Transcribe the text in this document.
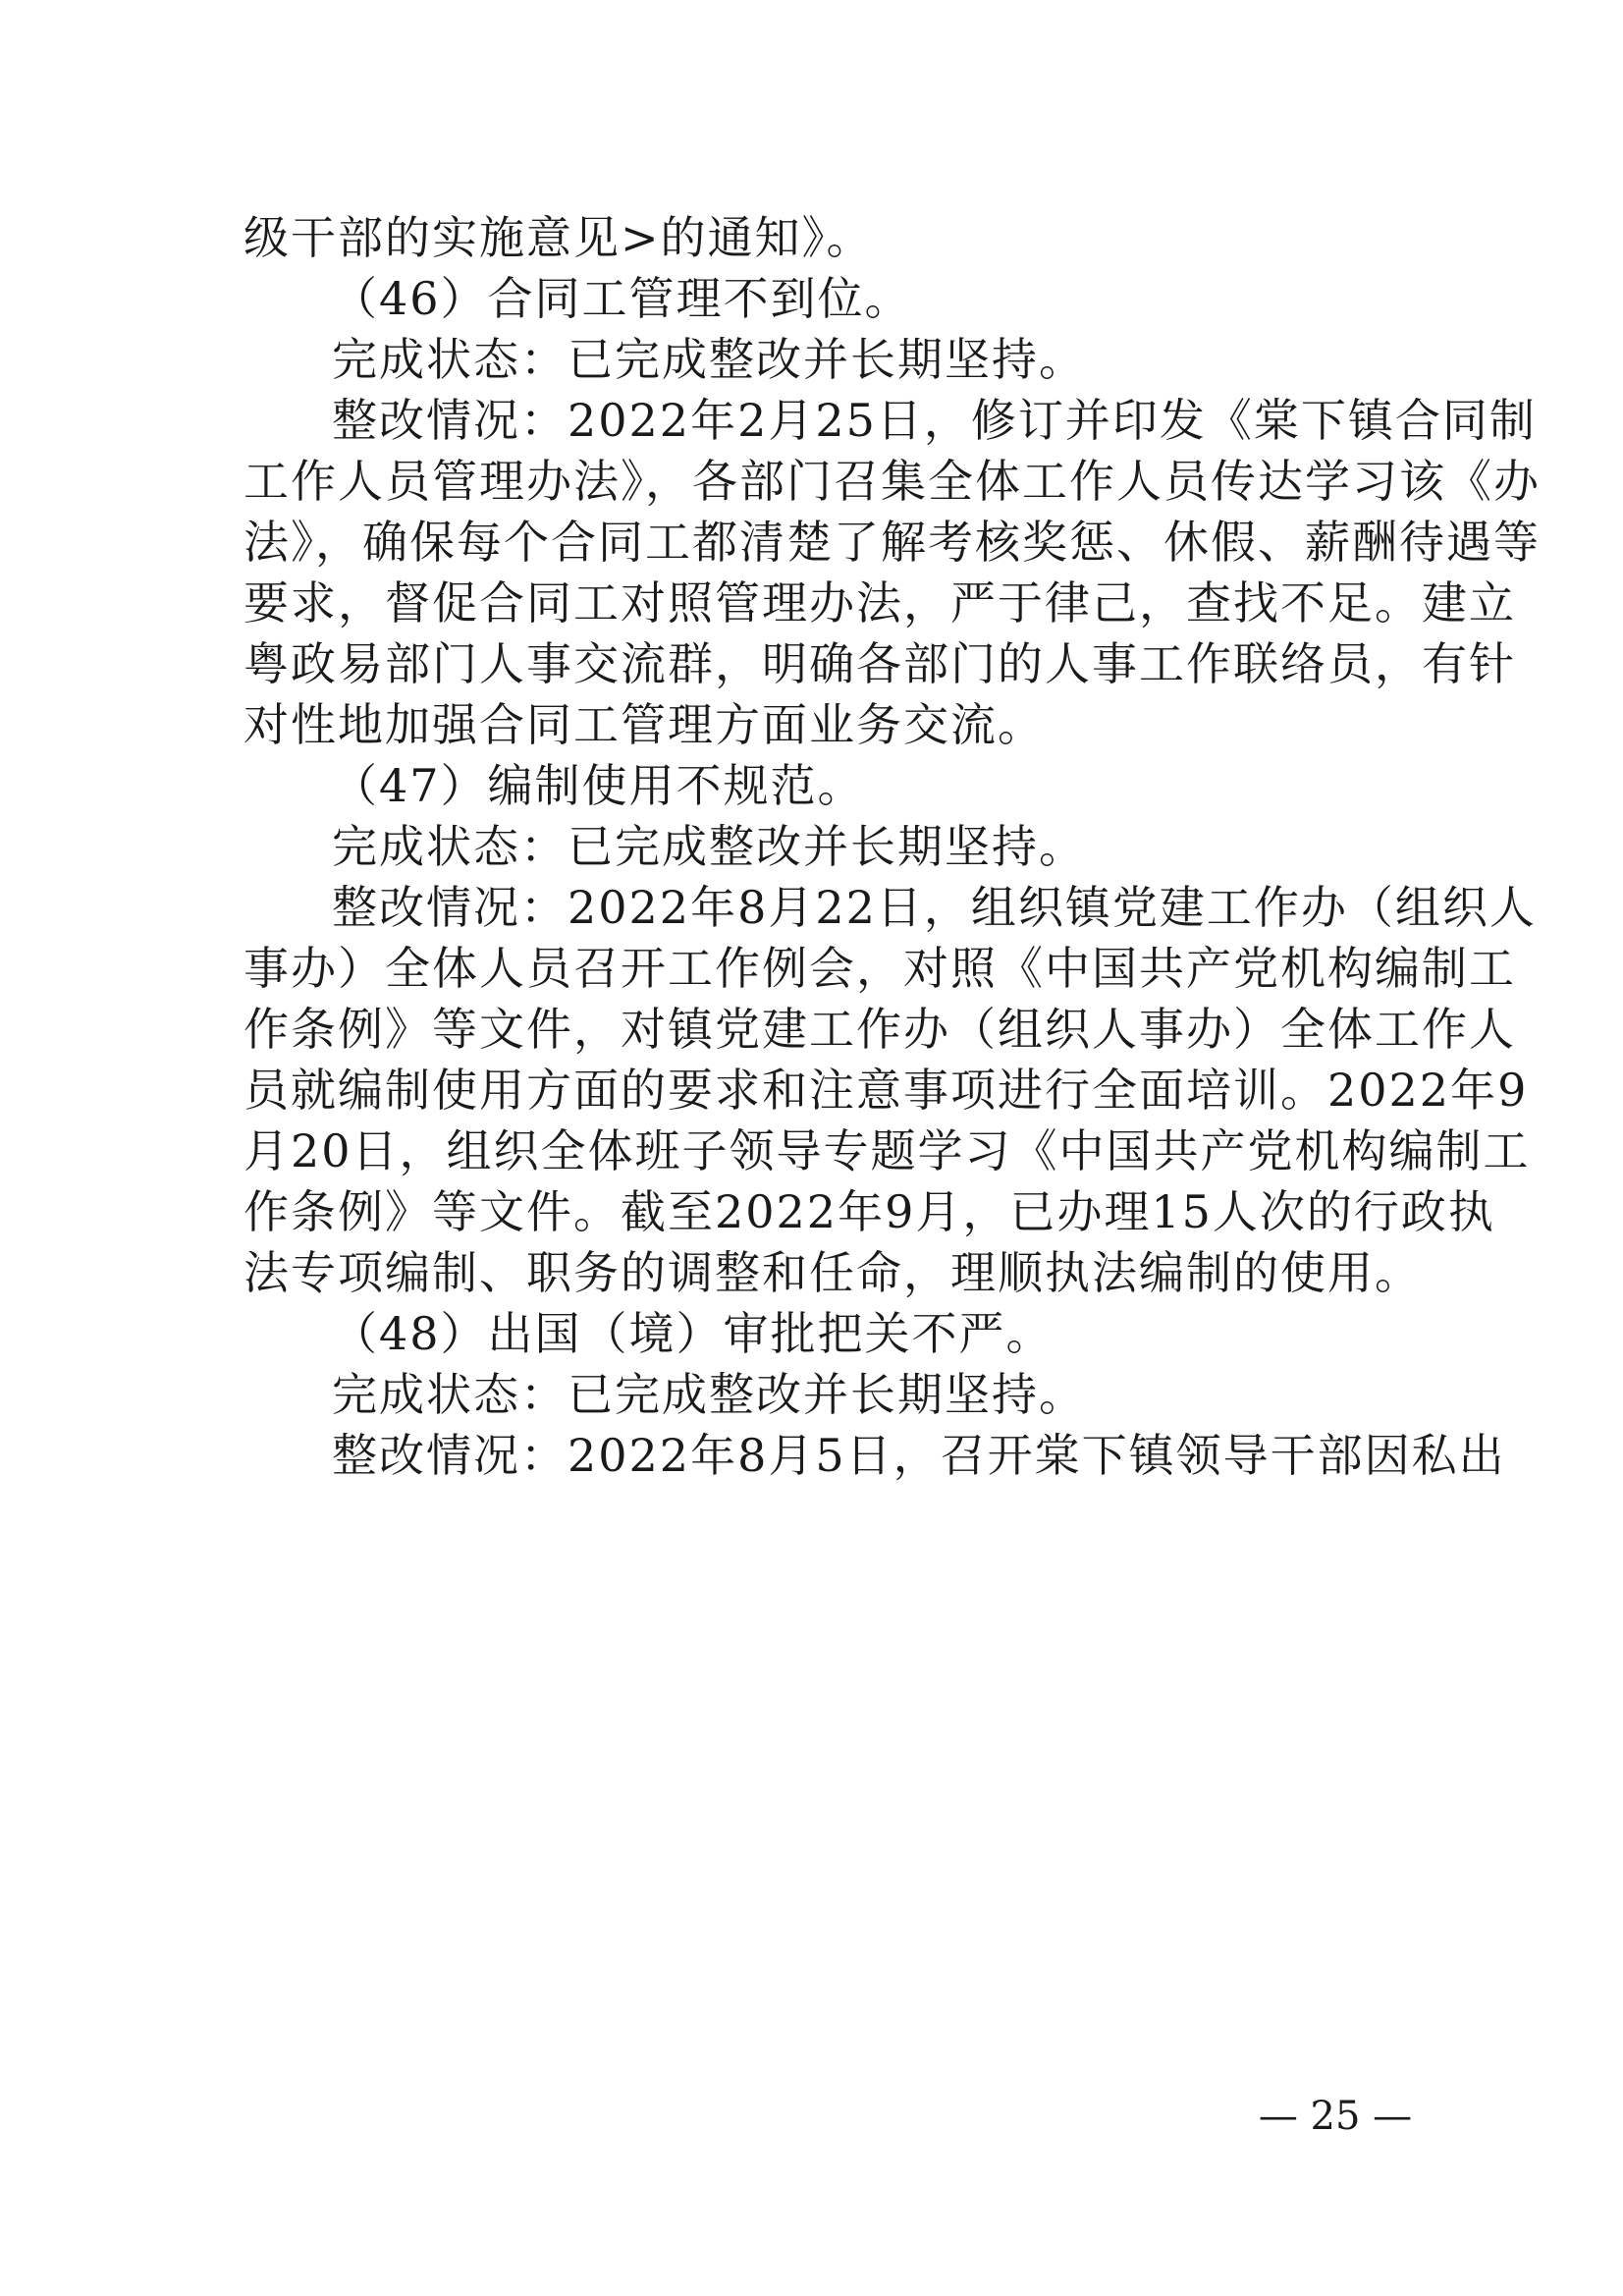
级干部的实施意见>的通知》。
（46）合同工管理不到位。
完成状态：已完成整改并长期坚持。
整改情况：2022年2月25日，修订并印发《棠下镇合同制
工作人员管理办法》，各部门召集全体工作人员传达学习该《办
法》，确保每个合同工都清楚了解考核奖惩、休假、薪酬待遇等
要求，督促合同工对照管理办法，严于律己，查找不足。建立
粤政易部门人事交流群，明确各部门的人事工作联络员，有针
对性地加强合同工管理方面业务交流。
（47）编制使用不规范。
完成状态：已完成整改并长期坚持。
整改情况：2022年8月22日，组织镇党建工作办（组织人
事办）全体人员召开工作例会，对照《中国共产党机构编制工
作条例》等文件，对镇党建工作办（组织人事办）全体工作人
员就编制使用方面的要求和注意事项进行全面培训。2022年9
月20日，组织全体班子领导专题学习《中国共产党机构编制工
作条例》等文件。截至2022年9月，已办理15人次的行政执
法专项编制、职务的调整和任命，理顺执法编制的使用。
（48）出国（境）审批把关不严。
完成状态：已完成整改并长期坚持。
整改情况：2022年8月5日，召开棠下镇领导干部因私出
— 25 —
